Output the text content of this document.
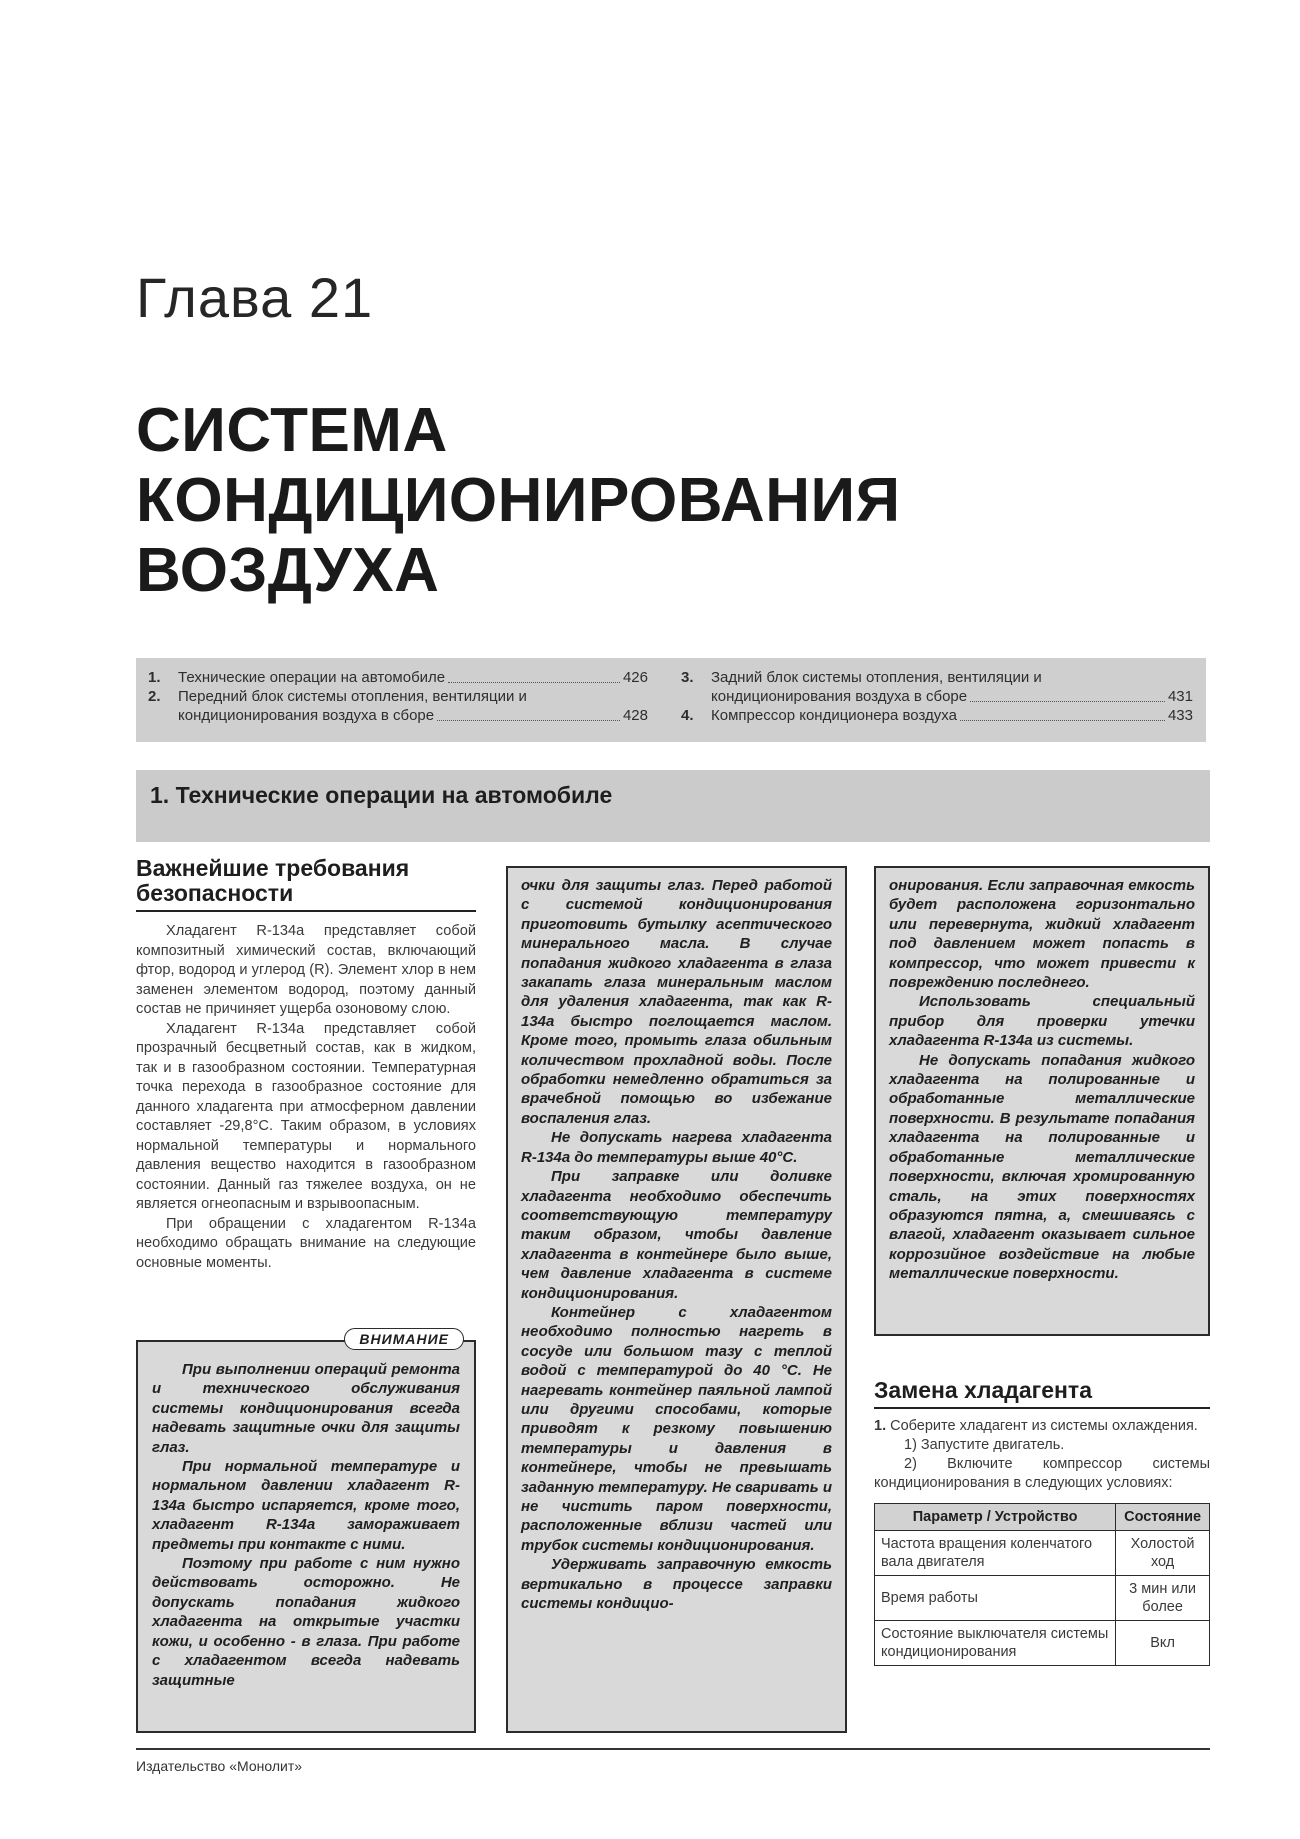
Глава 21
СИСТЕМА
КОНДИЦИОНИРОВАНИЯ
ВОЗДУХА
1.	Технические операции на автомобиле	426
2.	Передний блок системы отопления, вентиляции и
кондиционирования воздуха в сборе	428
3.	Задний блок системы отопления, вентиляции и
кондиционирования воздуха в сборе	431
4.	Компрессор кондиционера воздуха	433
1. Технические операции на автомобиле
Важнейшие требования безопасности

Хладагент R-134a представляет собой композитный химический состав, включающий фтор, водород и углерод (R). Элемент хлор в нем заменен элементом водород, поэтому данный состав не причиняет ущерба озоновому слою.

Хладагент R-134a представляет собой прозрачный бесцветный состав, как в жидком, так и в газообразном состоянии. Температурная точка перехода в газообразное состояние для данного хладагента при атмосферном давлении составляет -29,8°C. Таким образом, в условиях нормальной температуры и нормального давления вещество находится в газообразном состоянии. Данный газ тяжелее воздуха, он не является огнеопасным и взрывоопасным.

При обращении с хладагентом R-134a необходимо обращать внимание на следующие основные моменты.

ВНИМАНИЕ

При выполнении операций ремонта и технического обслуживания системы кондиционирования всегда надевать защитные очки для защиты глаз.

При нормальной температуре и нормальном давлении хладагент R-134a быстро испаряется, кроме того, хладагент R-134a замораживает предметы при контакте с ними.

Поэтому при работе с ним нужно действовать осторожно. Не допускать попадания жидкого хладагента на открытые участки кожи, и особенно - в глаза. При работе с хладагентом всегда надевать защитные

очки для защиты глаз. Перед работой с системой кондиционирования приготовить бутылку асептического минерального масла. В случае попадания жидкого хладагента в глаза закапать глаза минеральным маслом для удаления хладагента, так как R-134a быстро поглощается маслом. Кроме того, промыть глаза обильным количеством прохладной воды. После обработки немедленно обратиться за врачебной помощью во избежание воспаления глаз.

Не допускать нагрева хладагента R-134a до температуры выше 40°C.

При заправке или доливке хладагента необходимо обеспечить соответствующую температуру таким образом, чтобы давление хладагента в контейнере было выше, чем давление хладагента в системе кондиционирования.

Контейнер с хладагентом необходимо полностью нагреть в сосуде или большом тазу с теплой водой с температурой до 40 °C. Не нагревать контейнер паяльной лампой или другими способами, которые приводят к резкому повышению температуры и давления в контейнере, чтобы не превышать заданную температуру. Не сваривать и не чистить паром поверхности, расположенные вблизи частей или трубок системы кондиционирования.

Удерживать заправочную емкость вертикально в процессе заправки системы кондицио-

онирования. Если заправочная емкость будет расположена горизонтально или перевернута, жидкий хладагент под давлением может попасть в компрессор, что может привести к повреждению последнего.

Использовать специальный прибор для проверки утечки хладагента R-134a из системы.

Не допускать попадания жидкого хладагента на полированные и обработанные металлические поверхности. В результате попадания хладагента на полированные и обработанные металлические поверхности, включая хромированную сталь, на этих поверхностях образуются пятна, а, смешиваясь с влагой, хладагент оказывает сильное коррозийное воздействие на любые металлические поверхности.

Замена хладагента
1. Соберите хладагент из системы охлаждения.
1) Запустите двигатель.
2) Включите компрессор системы кондиционирования в следующих условиях:
Параметр / Устройство	Состояние
Частота вращения коленчатого вала двигателя	Холостой ход
Время работы	3 мин или более
Состояние выключателя системы кондиционирования	Вкл
Издательство «Монолит»
